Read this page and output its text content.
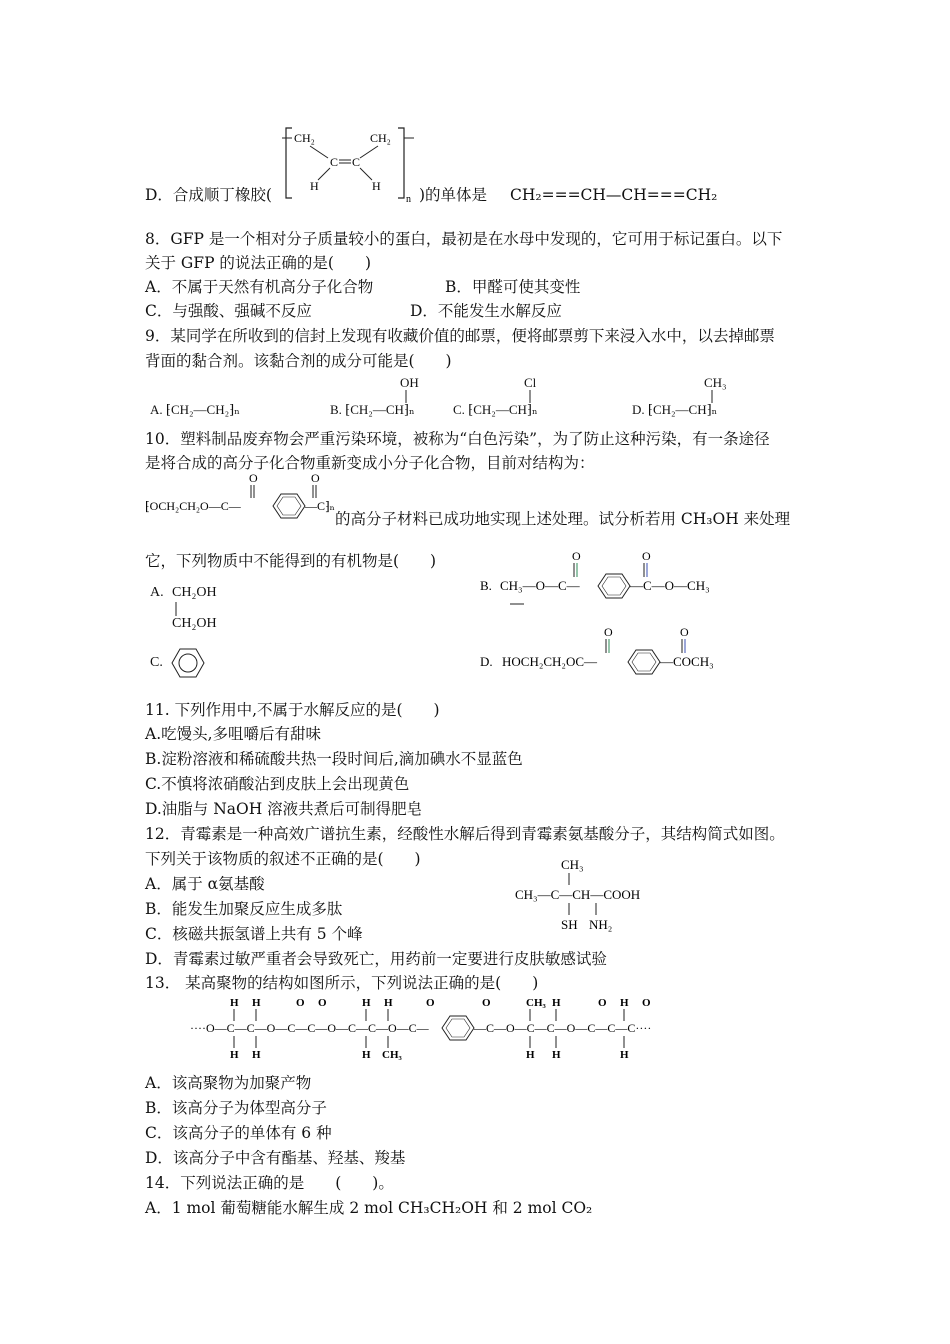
D．合成顺丁橡胶(
CH₂	CH₂
C C
H	H
n )的单体是 CH₂===CH—CH===CH₂
8．GFP 是一个相对分子质量较小的蛋白，最初是在水母中发现的，它可用于标记蛋白。以下
关于 GFP 的说法正确的是(　　)
A．不属于天然有机高分子化合物	B．甲醛可使其变性
C．与强酸、强碱不反应	D．不能发生水解反应
9．某同学在所收到的信封上发现有收藏价值的邮票，便将邮票剪下来浸入水中，以去掉邮票
背面的黏合剂。该黏合剂的成分可能是(　　)
A. ⁅CH₂—CH₂⁆ₙ
OH
B. ⁅CH₂—CH⁆ₙ
Cl
C. ⁅CH₂—CH⁆ₙ
CH₃
D. ⁅CH₂—CH⁆ₙ
10．塑料制品废弃物会严重污染环境，被称为“白色污染”，为了防止这种污染，有一条途径
是将合成的高分子化合物重新变成小分子化合物，目前对结构为：
⁅OCH₂CH₂O—C—
O
—C⁆ₙ
O
的高分子材料已成功地实现上述处理。试分析若用 CH₃OH 来处理
它，下列物质中不能得到的有机物是(　　)
A. CH₂OH
CH₂OH
B. CH₃—O—C—
O
—C—O—CH₃
O
C.	D. HOCH₂CH₂OC—
O
—COCH₃
O
11. 下列作用中,不属于水解反应的是(　　)
A.吃馒头,多咀嚼后有甜味
B.淀粉溶液和稀硫酸共热一段时间后,滴加碘水不显蓝色
C.不慎将浓硝酸沾到皮肤上会出现黄色
D.油脂与 NaOH 溶液共煮后可制得肥皂
12．青霉素是一种高效广谱抗生素，经酸性水解后得到青霉素氨基酸分子，其结构简式如图。
下列关于该物质的叙述不正确的是(　　)
A．属于 α氨基酸
B．能发生加聚反应生成多肽
C．核磁共振氢谱上共有 5 个峰
D．青霉素过敏严重者会导致死亡，用药前一定要进行皮肤敏感试验
CH₃
CH₃—C—CH—COOH
SH NH₂
13． 某高聚物的结构如图所示，下列说法正确的是(　　)
····O—C—C—O—C—C—O—C—C—O—C—
H H	O O	H H	O
H H	H CH₃
—C—O—C—C—O—C—C—C····
O	CH₃ H	O H O
H H	H
A．该高聚物为加聚产物
B．该高分子为体型高分子
C．该高分子的单体有 6 种
D．该高分子中含有酯基、羟基、羧基
14．下列说法正确的是　　(　　)。
A．1 mol 葡萄糖能水解生成 2 mol CH₃CH₂OH 和 2 mol CO₂
